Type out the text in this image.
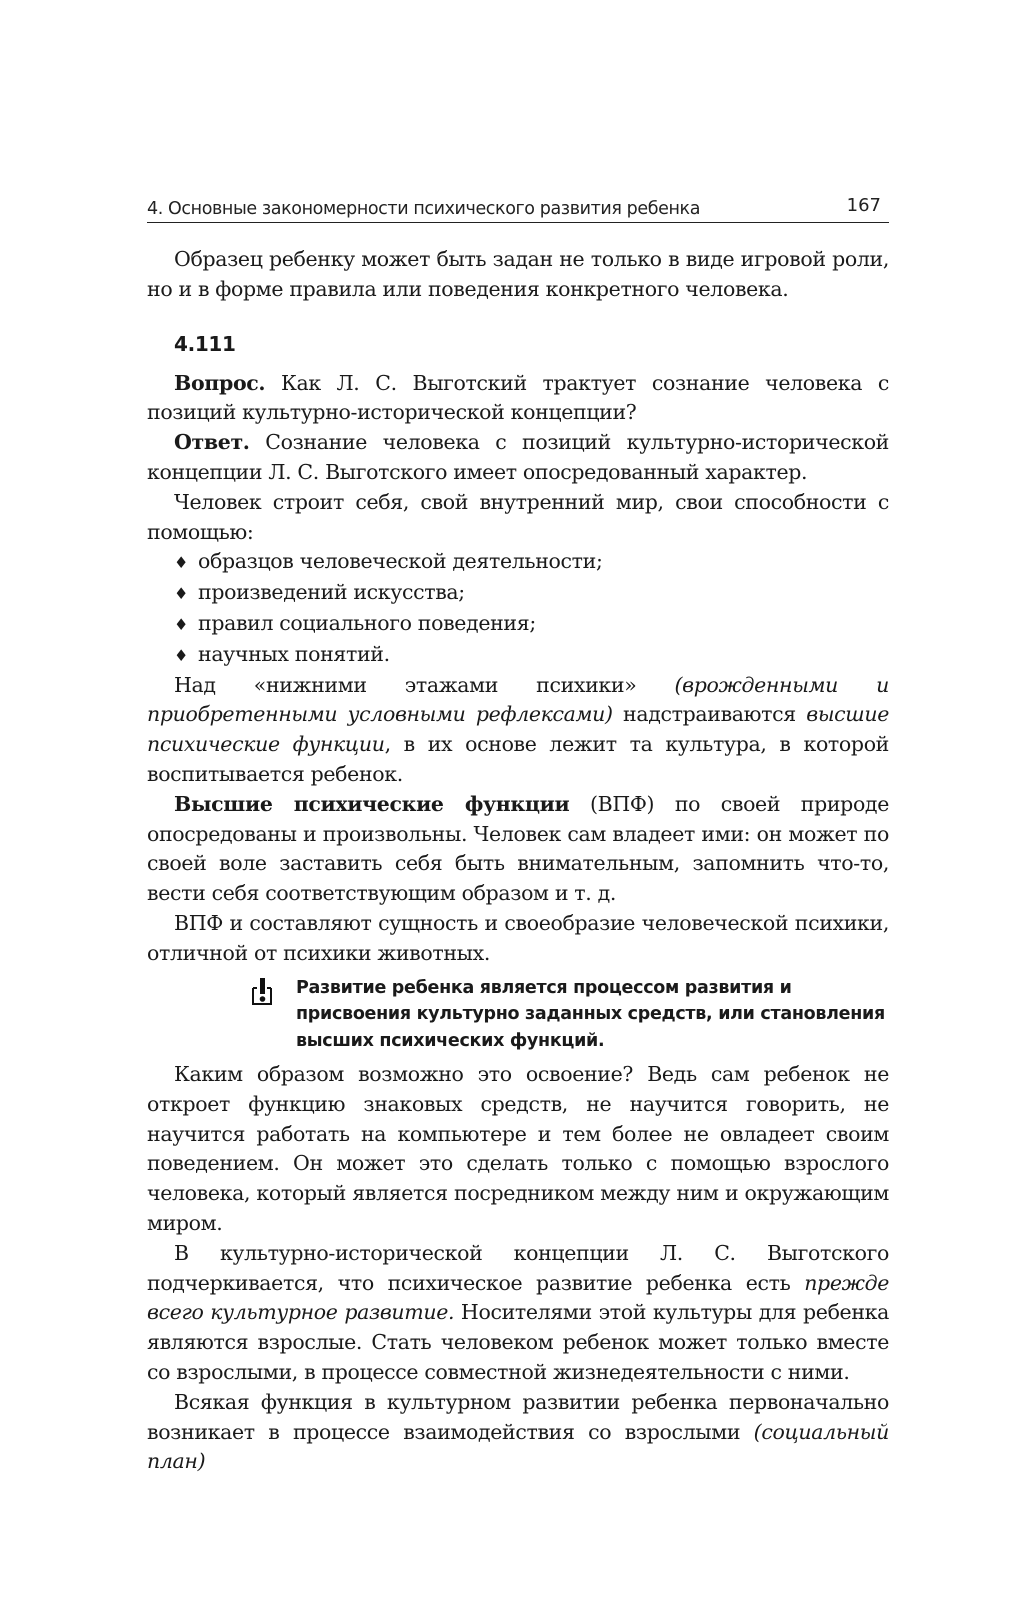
4. Основные закономерности психического развития ребенка	167

Образец ребенку может быть задан не только в виде игровой роли, но и в форме правила или поведения конкретного человека.

4.111

Вопрос. Как Л. С. Выготский трактует сознание человека с позиций культурно-исторической концепции?

Ответ. Сознание человека с позиций культурно-исторической концепции Л. С. Выготского имеет опосредованный характер.

Человек строит себя, свой внутренний мир, свои способности с помощью:

♦ образцов человеческой деятельности;
♦ произведений искусства;
♦ правил социального поведения;
♦ научных понятий.

Над «нижними этажами психики» (врожденными и приобретенными условными рефлексами) надстраиваются высшие психические функции, в их основе лежит та культура, в которой воспитывается ребенок.

Высшие психические функции (ВПФ) по своей природе опосредованы и произвольны. Человек сам владеет ими: он может по своей воле заставить себя быть внимательным, запомнить что-то, вести себя соответствующим образом и т. д.

ВПФ и составляют сущность и своеобразие человеческой психики, отличной от психики животных.

Развитие ребенка является процессом развития и присвоения культурно заданных средств, или становления высших психических функций.

Каким образом возможно это освоение? Ведь сам ребенок не откроет функцию знаковых средств, не научится говорить, не научится работать на компьютере и тем более не овладеет своим поведением. Он может это сделать только с помощью взрослого человека, который является посредником между ним и окружающим миром.

В культурно-исторической концепции Л. С. Выготского подчеркивается, что психическое развитие ребенка есть прежде всего культурное развитие. Носителями этой культуры для ребенка являются взрослые. Стать человеком ребенок может только вместе со взрослыми, в процессе совместной жизнедеятельности с ними.

Всякая функция в культурном развитии ребенка первоначально возникает в процессе взаимодействия со взрослыми (социальный план)
